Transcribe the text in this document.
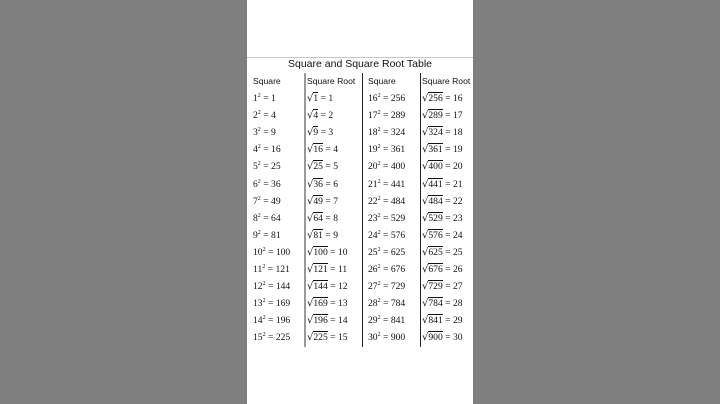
Square and Square Root Table
Square
$1^2 = 1$
$2^2 = 4$
$3^2 = 9$
$4^2 = 16$
$5^2 = 25$
$6^2 = 36$
$7^2 = 49$
$8^2 = 64$
$9^2 = 81$
$10^2 = 100$
$11^2 = 121$
$12^2 = 144$
$13^2 = 169$
$14^2 = 196$
$15^2 = 225$
Square Root
√1 = 1
√4 = 2
√9 = 3
√16 = 4
√25 = 5
√36 = 6
√49 = 7
√64 = 8
√81 = 9
√100 = 10
√121 = 11
√144 = 12
√169 = 13
√196 = 14
√225 = 15
Square
$16^2 = 256$
$17^2 = 289$
$18^2 = 324$
$19^2 = 361$
$20^2 = 400$
$21^2 = 441$
$22^2 = 484$
$23^2 = 529$
$24^2 = 576$
$25^2 = 625$
$26^2 = 676$
$27^2 = 729$
$28^2 = 784$
$29^2 = 841$
$30^2 = 900$
Square Root
√256 = 16
√289 = 17
√324 = 18
√361 = 19
√400 = 20
√441 = 21
√484 = 22
√529 = 23
√576 = 24
√625 = 25
√676 = 26
√729 = 27
√784 = 28
√841 = 29
√900 = 30
